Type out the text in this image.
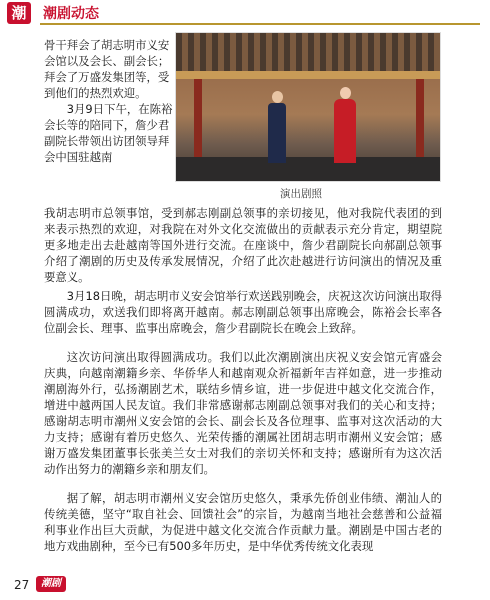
潮	潮剧动态

骨干拜会了胡志明市义安会馆以及会长、副会长；拜会了万盛发集团等，受到他们的热烈欢迎。

3月9日下午，在陈裕会长等的陪同下，詹少君副院长带领出访团领导拜会中国驻越南

演出剧照

我胡志明市总领事馆，受到郝志刚副总领事的亲切接见，他对我院代表团的到来表示热烈的欢迎，对我院在对外文化交流做出的贡献表示充分肯定，期望院更多地走出去赴越南等国外进行交流。在座谈中，詹少君副院长向郝副总领事介绍了潮剧的历史及传承发展情况，介绍了此次赴越进行访问演出的情况及重要意义。

3月18日晚，胡志明市义安会馆举行欢送践别晚会，庆祝这次访问演出取得圆满成功，欢送我们即将离开越南。郝志刚副总领事出席晚会，陈裕会长率各位副会长、理事、监事出席晚会，詹少君副院长在晚会上致辞。

这次访问演出取得圆满成功。我们以此次潮剧演出庆祝义安会馆元宵盛会庆典，向越南潮籍乡亲、华侨华人和越南观众祈福新年吉祥如意，进一步推动潮剧海外行，弘扬潮剧艺术，联结乡情乡谊，进一步促进中越文化交流合作，增进中越两国人民友谊。我们非常感谢郝志刚副总领事对我们的关心和支持；感谢胡志明市潮州义安会馆的会长、副会长及各位理事、监事对这次活动的大力支持；感谢有着历史悠久、光荣传播的潮属社团胡志明市潮州义安会馆；感谢万盛发集团董事长张美兰女士对我们的亲切关怀和支持；感谢所有为这次活动作出努力的潮籍乡亲和朋友们。

据了解，胡志明市潮州义安会馆历史悠久，秉承先侨创业伟绩、潮汕人的传统美德，坚守“取自社会、回馈社会”的宗旨，为越南当地社会慈善和公益福利事业作出巨大贡献，为促进中越文化交流合作贡献力量。潮剧是中国古老的地方戏曲剧种，至今已有500多年历史，是中华优秀传统文化表现

27	潮剧
